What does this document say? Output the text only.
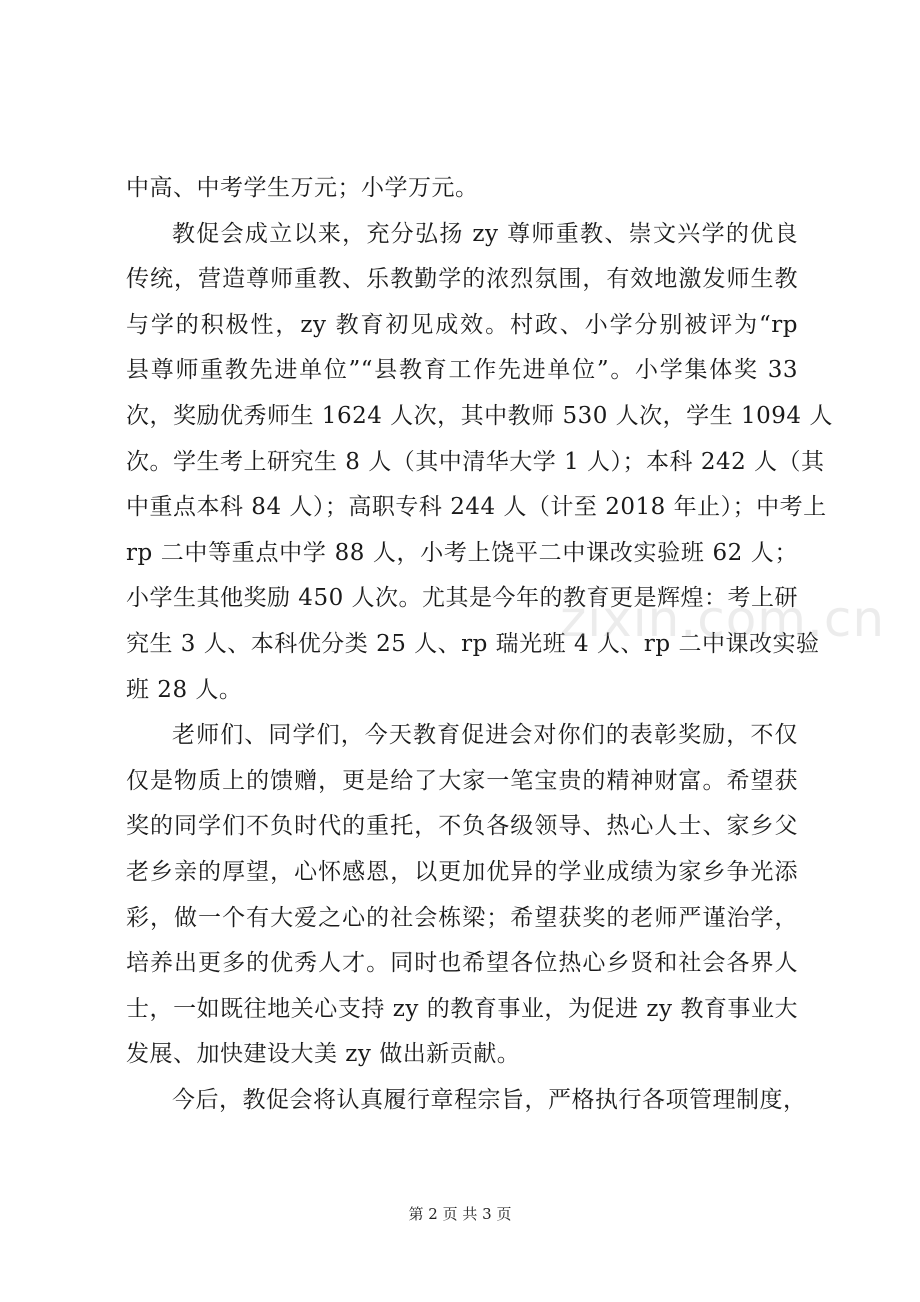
中高、中考学生万元；小学万元。
教促会成立以来，充分弘扬 zy 尊师重教、崇文兴学的优良
传统，营造尊师重教、乐教勤学的浓烈氛围，有效地激发师生教
与学的积极性，zy 教育初见成效。村政、小学分别被评为“rp
县尊师重教先进单位”“县教育工作先进单位”。小学集体奖 33
次，奖励优秀师生 1624 人次，其中教师 530 人次，学生 1094 人
次。学生考上研究生 8 人（其中清华大学 1 人）；本科 242 人（其
中重点本科 84 人）；高职专科 244 人（计至 2018 年止）；中考上
rp 二中等重点中学 88 人，小考上饶平二中课改实验班 62 人；
小学生其他奖励 450 人次。尤其是今年的教育更是辉煌：考上研
究生 3 人、本科优分类 25 人、rp 瑞光班 4 人、rp 二中课改实验
班 28 人。
老师们、同学们，今天教育促进会对你们的表彰奖励，不仅
仅是物质上的馈赠，更是给了大家一笔宝贵的精神财富。希望获
奖的同学们不负时代的重托，不负各级领导、热心人士、家乡父
老乡亲的厚望，心怀感恩，以更加优异的学业成绩为家乡争光添
彩，做一个有大爱之心的社会栋梁；希望获奖的老师严谨治学，
培养出更多的优秀人才。同时也希望各位热心乡贤和社会各界人
士，一如既往地关心支持 zy 的教育事业，为促进 zy 教育事业大
发展、加快建设大美 zy 做出新贡献。
今后，教促会将认真履行章程宗旨，严格执行各项管理制度，
zixin.com.cn
第 2 页 共 3 页
